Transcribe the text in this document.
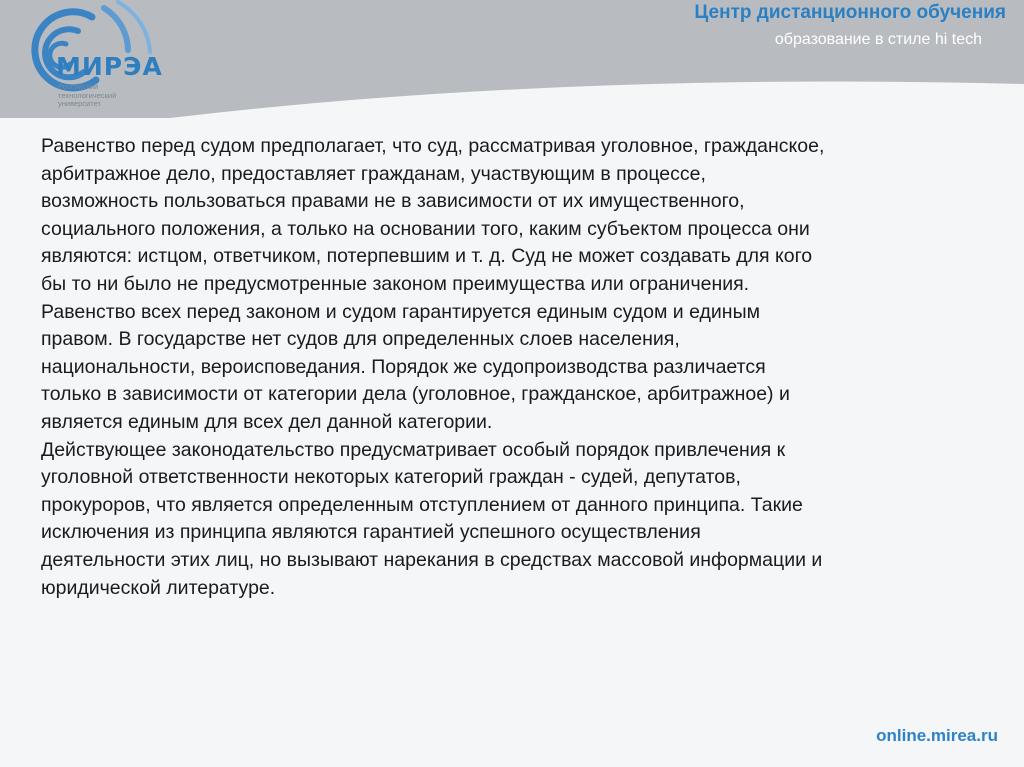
МИРЭА
Российский
технологический
университет
Центр дистанционного обучения
образование в стиле hi tech
Равенство перед судом предполагает, что суд, рассматривая уголовное, гражданское,
арбитражное дело, предоставляет гражданам, участвующим в процессе,
возможность пользоваться правами не в зависимости от их имущественного,
социального положения, а только на основании того, каким субъектом процесса они
являются: истцом, ответчиком, потерпевшим и т. д. Суд не может создавать для кого
бы то ни было не предусмотренные законом преимущества или ограничения.
Равенство всех перед законом и судом гарантируется единым судом и единым
правом. В государстве нет судов для определенных слоев населения,
национальности, вероисповедания. Порядок же судопроизводства различается
только в зависимости от категории дела (уголовное, гражданское, арбитражное) и
является единым для всех дел данной категории.
Действующее законодательство предусматривает особый порядок привлечения к
уголовной ответственности некоторых категорий граждан - судей, депутатов,
прокуроров, что является определенным отступлением от данного принципа. Такие
исключения из принципа являются гарантией успешного осуществления
деятельности этих лиц, но вызывают нарекания в средствах массовой информации и
юридической литературе.
online.mirea.ru
